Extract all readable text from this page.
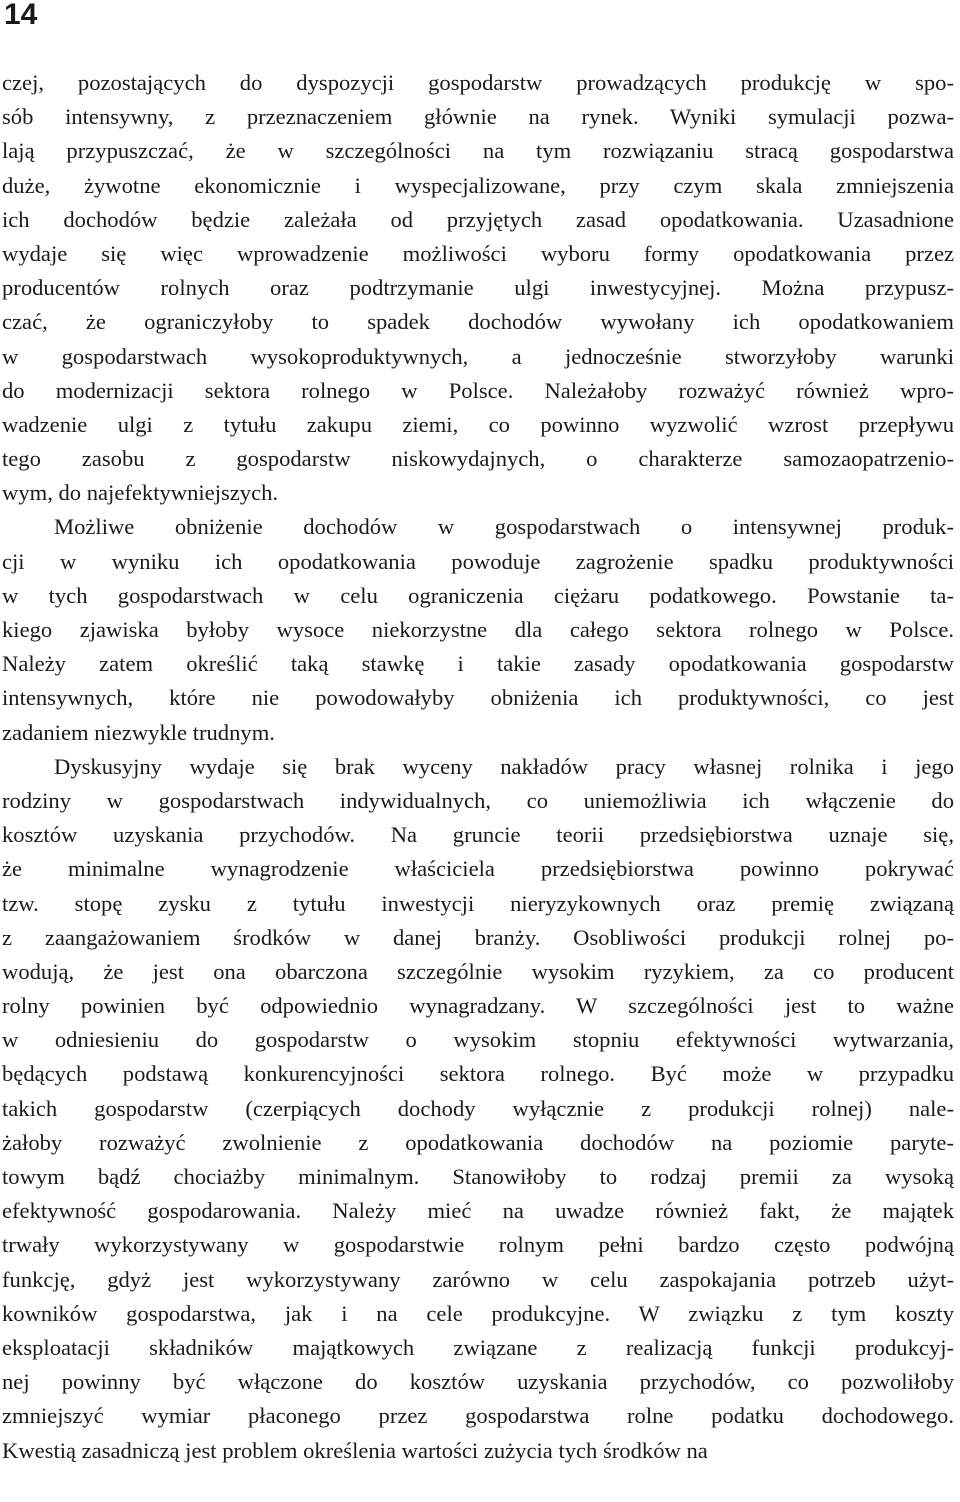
14
czej, pozostających do dyspozycji gospodarstw prowadzących produkcję w spo-
sób intensywny, z przeznaczeniem głównie na rynek. Wyniki symulacji pozwa-
lają przypuszczać, że w szczególności na tym rozwiązaniu stracą gospodarstwa
duże, żywotne ekonomicznie i wyspecjalizowane, przy czym skala zmniejszenia
ich dochodów będzie zależała od przyjętych zasad opodatkowania. Uzasadnione
wydaje się więc wprowadzenie możliwości wyboru formy opodatkowania przez
producentów rolnych oraz podtrzymanie ulgi inwestycyjnej. Można przypusz-
czać, że ograniczyłoby to spadek dochodów wywołany ich opodatkowaniem
w gospodarstwach wysokoproduktywnych, a jednocześnie stworzyłoby warunki
do modernizacji sektora rolnego w Polsce. Należałoby rozważyć również wpro-
wadzenie ulgi z tytułu zakupu ziemi, co powinno wyzwolić wzrost przepływu
tego zasobu z gospodarstw niskowydajnych, o charakterze samozaopatrzenio-
wym, do najefektywniejszych.
Możliwe obniżenie dochodów w gospodarstwach o intensywnej produk-
cji w wyniku ich opodatkowania powoduje zagrożenie spadku produktywności
w tych gospodarstwach w celu ograniczenia ciężaru podatkowego. Powstanie ta-
kiego zjawiska byłoby wysoce niekorzystne dla całego sektora rolnego w Polsce.
Należy zatem określić taką stawkę i takie zasady opodatkowania gospodarstw
intensywnych, które nie powodowałyby obniżenia ich produktywności, co jest
zadaniem niezwykle trudnym.
Dyskusyjny wydaje się brak wyceny nakładów pracy własnej rolnika i jego
rodziny w gospodarstwach indywidualnych, co uniemożliwia ich włączenie do
kosztów uzyskania przychodów. Na gruncie teorii przedsiębiorstwa uznaje się,
że minimalne wynagrodzenie właściciela przedsiębiorstwa powinno pokrywać
tzw. stopę zysku z tytułu inwestycji nieryzykownych oraz premię związaną
z zaangażowaniem środków w danej branży. Osobliwości produkcji rolnej po-
wodują, że jest ona obarczona szczególnie wysokim ryzykiem, za co producent
rolny powinien być odpowiednio wynagradzany. W szczególności jest to ważne
w odniesieniu do gospodarstw o wysokim stopniu efektywności wytwarzania,
będących podstawą konkurencyjności sektora rolnego. Być może w przypadku
takich gospodarstw (czerpiących dochody wyłącznie z produkcji rolnej) nale-
żałoby rozważyć zwolnienie z opodatkowania dochodów na poziomie paryte-
towym bądź chociażby minimalnym. Stanowiłoby to rodzaj premii za wysoką
efektywność gospodarowania. Należy mieć na uwadze również fakt, że majątek
trwały wykorzystywany w gospodarstwie rolnym pełni bardzo często podwójną
funkcję, gdyż jest wykorzystywany zarówno w celu zaspokajania potrzeb użyt-
kowników gospodarstwa, jak i na cele produkcyjne. W związku z tym koszty
eksploatacji składników majątkowych związane z realizacją funkcji produkcyj-
nej powinny być włączone do kosztów uzyskania przychodów, co pozwoliłoby
zmniejszyć wymiar płaconego przez gospodarstwa rolne podatku dochodowego.
Kwestią zasadniczą jest problem określenia wartości zużycia tych środków na
